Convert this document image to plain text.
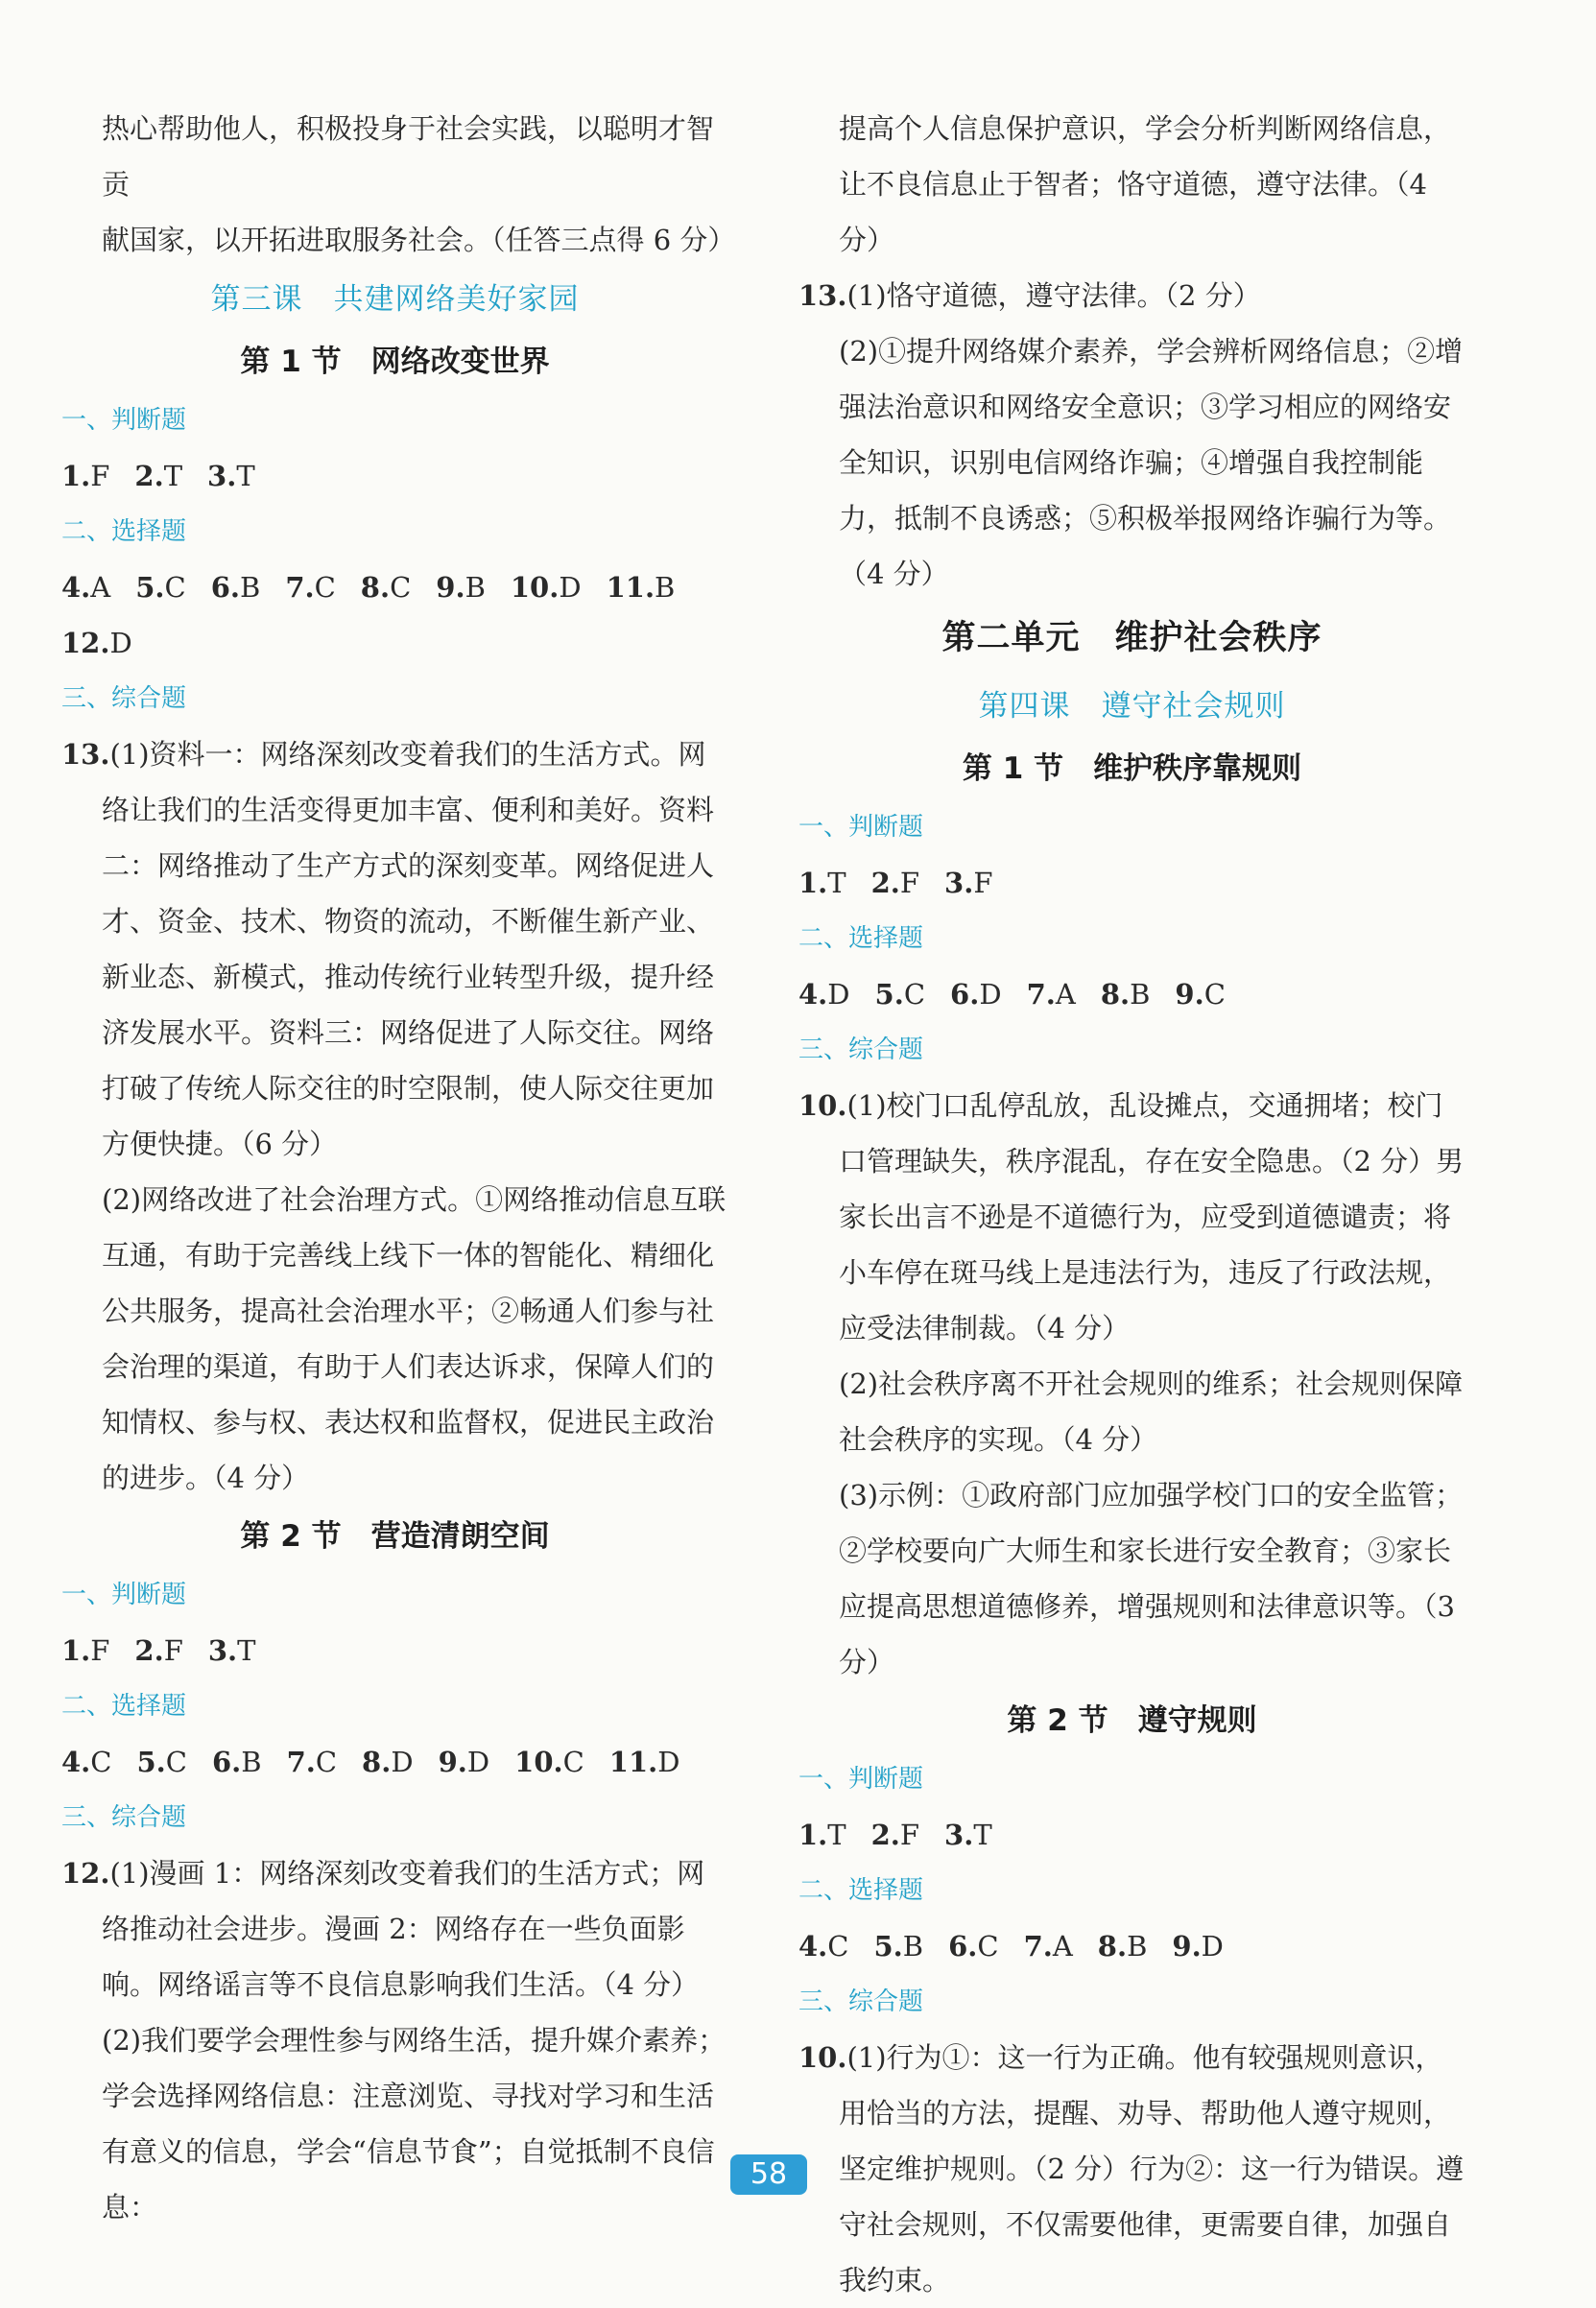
热心帮助他人，积极投身于社会实践，以聪明才智贡
献国家，以开拓进取服务社会。（任答三点得 6 分）
第三课　共建网络美好家园
第 1 节　网络改变世界
一、判断题
1.F 2.T 3.T
二、选择题
4.A 5.C 6.B 7.C 8.C 9.B 10.D 11.B
12.D
三、综合题
13.(1)资料一：网络深刻改变着我们的生活方式。网络让我们的生活变得更加丰富、便利和美好。资料二：网络推动了生产方式的深刻变革。网络促进人才、资金、技术、物资的流动，不断催生新产业、新业态、新模式，推动传统行业转型升级，提升经济发展水平。资料三：网络促进了人际交往。网络打破了传统人际交往的时空限制，使人际交往更加方便快捷。（6 分）
(2)网络改进了社会治理方式。①网络推动信息互联互通，有助于完善线上线下一体的智能化、精细化公共服务，提高社会治理水平；②畅通人们参与社会治理的渠道，有助于人们表达诉求，保障人们的知情权、参与权、表达权和监督权，促进民主政治的进步。（4 分）
第 2 节　营造清朗空间
一、判断题
1.F 2.F 3.T
二、选择题
4.C 5.C 6.B 7.C 8.D 9.D 10.C 11.D
三、综合题
12.(1)漫画 1：网络深刻改变着我们的生活方式；网络推动社会进步。漫画 2：网络存在一些负面影响。网络谣言等不良信息影响我们生活。（4 分）
(2)我们要学会理性参与网络生活，提升媒介素养；学会选择网络信息：注意浏览、寻找对学习和生活有意义的信息，学会“信息节食”；自觉抵制不良信息：
提高个人信息保护意识，学会分析判断网络信息，让不良信息止于智者；恪守道德，遵守法律。（4 分）
13.(1)恪守道德，遵守法律。（2 分）
(2)①提升网络媒介素养，学会辨析网络信息；②增强法治意识和网络安全意识；③学习相应的网络安全知识，识别电信网络诈骗；④增强自我控制能力，抵制不良诱惑；⑤积极举报网络诈骗行为等。（4 分）
第二单元　维护社会秩序
第四课　遵守社会规则
第 1 节　维护秩序靠规则
一、判断题
1.T 2.F 3.F
二、选择题
4.D 5.C 6.D 7.A 8.B 9.C
三、综合题
10.(1)校门口乱停乱放，乱设摊点，交通拥堵；校门口管理缺失，秩序混乱，存在安全隐患。（2 分）男家长出言不逊是不道德行为，应受到道德谴责；将小车停在斑马线上是违法行为，违反了行政法规，应受法律制裁。（4 分）
(2)社会秩序离不开社会规则的维系；社会规则保障社会秩序的实现。（4 分）
(3)示例：①政府部门应加强学校门口的安全监管；②学校要向广大师生和家长进行安全教育；③家长应提高思想道德修养，增强规则和法律意识等。（3 分）
第 2 节　遵守规则
一、判断题
1.T 2.F 3.T
二、选择题
4.C 5.B 6.C 7.A 8.B 9.D
三、综合题
10.(1)行为①：这一行为正确。他有较强规则意识，用恰当的方法，提醒、劝导、帮助他人遵守规则，坚定维护规则。（2 分）行为②：这一行为错误。遵守社会规则，不仅需要他律，更需要自律，加强自我约束。
58
